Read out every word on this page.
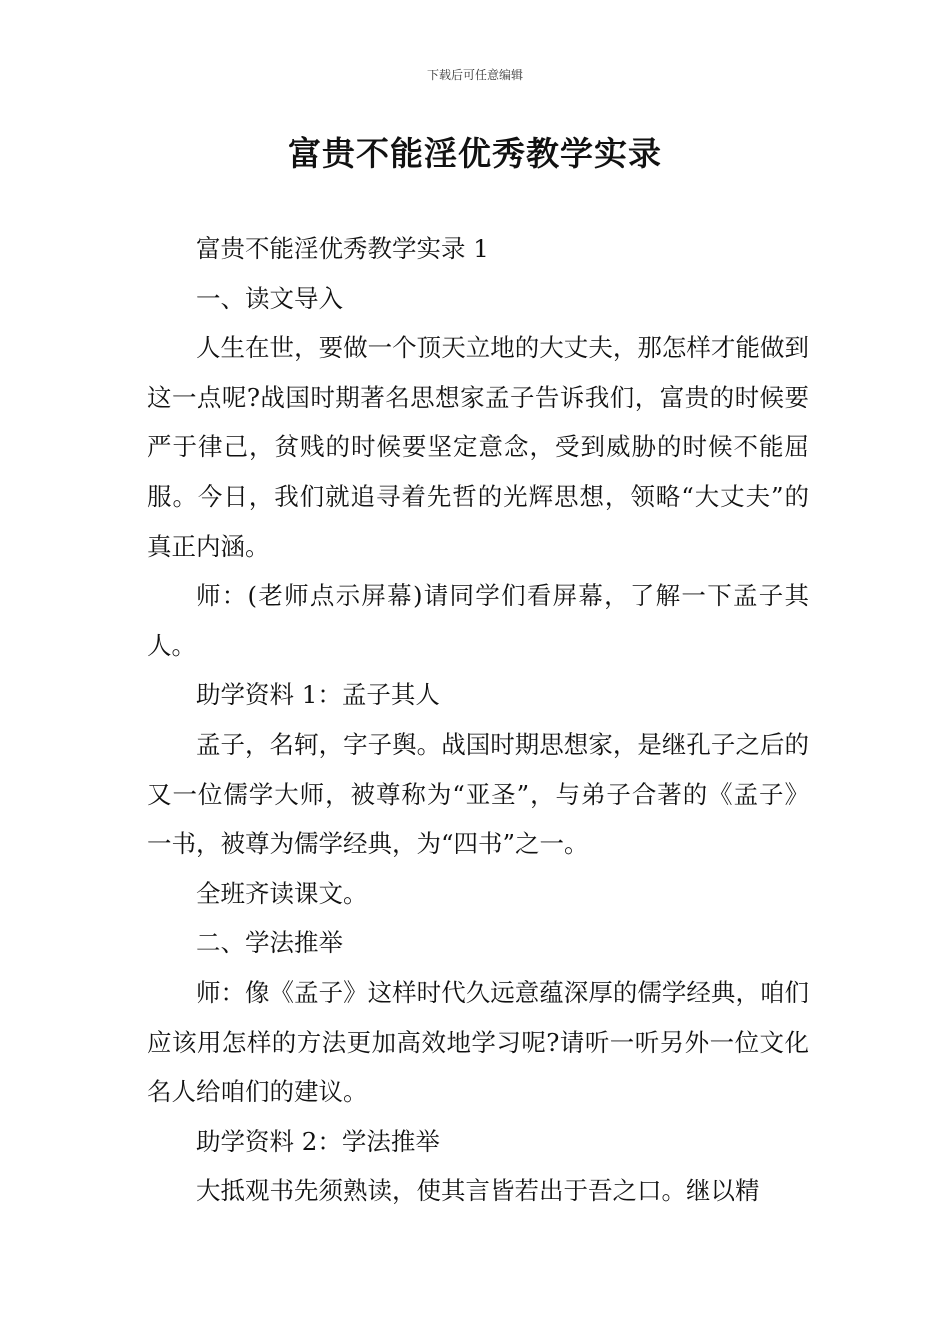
下载后可任意编辑
富贵不能淫优秀教学实录

富贵不能淫优秀教学实录 1

一、读文导入

人生在世，要做一个顶天立地的大丈夫，那怎样才能做到这一点呢?战国时期著名思想家孟子告诉我们，富贵的时候要严于律己，贫贱的时候要坚定意念，受到威胁的时候不能屈服。今日，我们就追寻着先哲的光辉思想，领略“大丈夫”的真正内涵。

师：(老师点示屏幕)请同学们看屏幕，了解一下孟子其人。

助学资料 1：孟子其人

孟子，名轲，字子舆。战国时期思想家，是继孔子之后的又一位儒学大师，被尊称为“亚圣”，与弟子合著的《孟子》一书，被尊为儒学经典，为“四书”之一。

全班齐读课文。

二、学法推举

师：像《孟子》这样时代久远意蕴深厚的儒学经典，咱们应该用怎样的方法更加高效地学习呢?请听一听另外一位文化名人给咱们的建议。

助学资料 2：学法推举

大抵观书先须熟读，使其言皆若出于吾之口。继以精
